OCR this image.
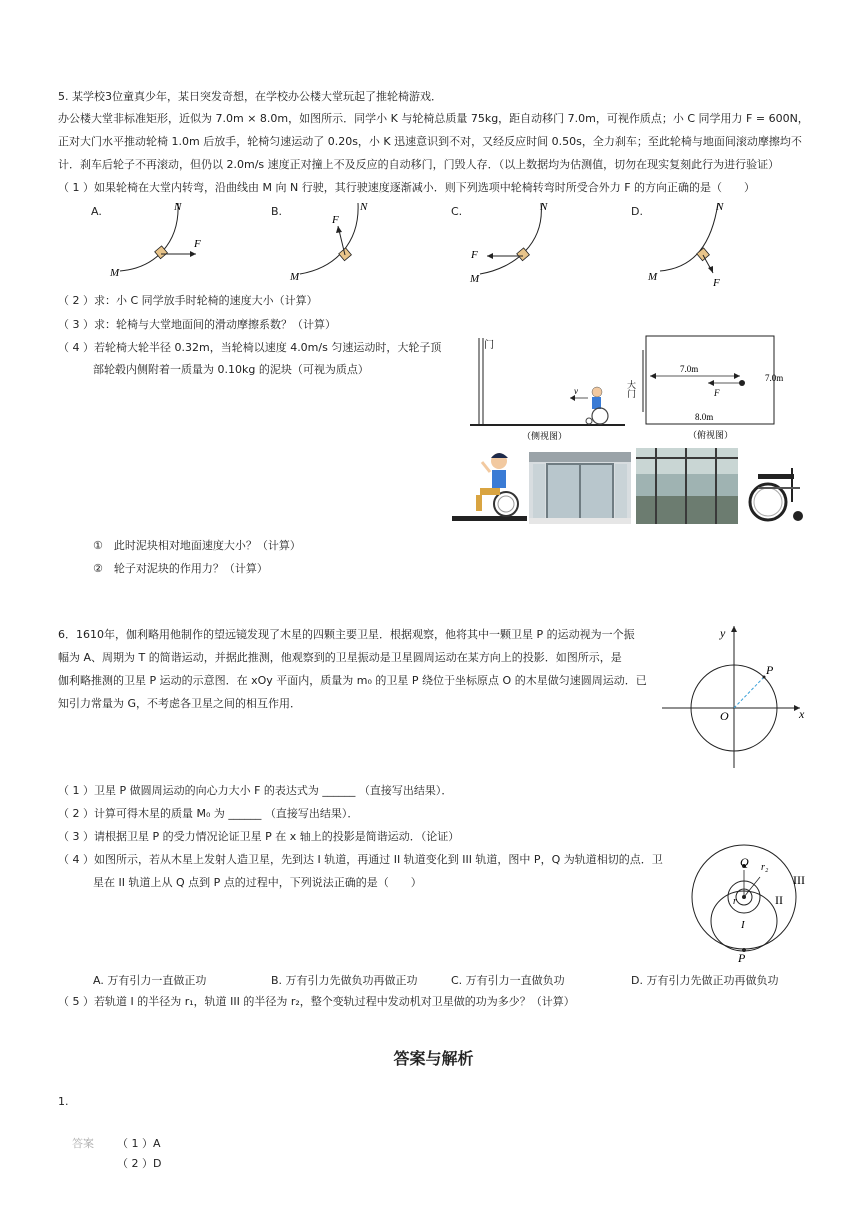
5. 某学校3位童真少年，某日突发奇想，在学校办公楼大堂玩起了推轮椅游戏．
办公楼大堂非标准矩形，近似为 7.0m × 8.0m，如图所示．同学小 K 与轮椅总质量 75kg，距自动移门 7.0m，可视作质点；小 C 同学用力 F = 600N，
正对大门水平推动轮椅 1.0m 后放手，轮椅匀速运动了 0.20s，小 K 迅速意识到不对，又经反应时间 0.50s，全力刹车；至此轮椅与地面间滚动摩擦均不
计．刹车后轮子不再滚动，但仍以 2.0m/s 速度正对撞上不及反应的自动移门，门毁人存．（以上数据均为估测值，切勿在现实复刻此行为进行验证）
（ 1 ）如果轮椅在大堂内转弯，沿曲线由 M 向 N 行驶，其行驶速度逐渐减小．则下列选项中轮椅转弯时所受合外力 F 的方向正确的是（　　）
A.	B.	C.	D.
N
M
F
N
M
F
N
M
F
N
M	F
（ 2 ）求：小 C 同学放手时轮椅的速度大小（计算）
（ 3 ）求：轮椅与大堂地面间的滑动摩擦系数？（计算）
（ 4 ）若轮椅大轮半径 0.32m，当轮椅以速度 4.0m/s 匀速运动时，大轮子顶
部轮毂内侧附着一质量为 0.10kg 的泥块（可视为质点）
门
v
（侧视图）
大门
7.0m
F
7.0m
8.0m
（俯视图）
①　此时泥块相对地面速度大小？（计算）
②　轮子对泥块的作用力？（计算）
6．1610年，伽利略用他制作的望远镜发现了木星的四颗主要卫星．根据观察，他将其中一颗卫星 P 的运动视为一个振
幅为 A、周期为 T 的简谐运动，并据此推测，他观察到的卫星振动是卫星圆周运动在某方向上的投影．如图所示，是
伽利略推测的卫星 P 运动的示意图．在 xOy 平面内，质量为 m₀ 的卫星 P 绕位于坐标原点 O 的木星做匀速圆周运动．已
知引力常量为 G，不考虑各卫星之间的相互作用．
y
x
O
P
（ 1 ）卫星 P 做圆周运动的向心力大小 F 的表达式为 ______ （直接写出结果）．
（ 2 ）计算可得木星的质量 M₀ 为 ______ （直接写出结果）．
（ 3 ）请根据卫星 P 的受力情况论证卫星 P 在 x 轴上的投影是简谐运动．（论证）
（ 4 ）如图所示，若从木星上发射人造卫星，先到达 I 轨道，再通过 II 轨道变化到 III 轨道，图中 P，Q 为轨道相切的点．卫
星在 II 轨道上从 Q 点到 P 点的过程中，下列说法正确的是（　　）
Q r₂
r
I
II
III
P
A. 万有引力一直做正功	B. 万有引力先做负功再做正功	C. 万有引力一直做负功	D. 万有引力先做正功再做负功
（ 5 ）若轨道 I 的半径为 r₁，轨道 III 的半径为 r₂，整个变轨过程中发动机对卫星做的功为多少？（计算）
答案与解析
1.
答案 （ 1 ）A
（ 2 ）D
